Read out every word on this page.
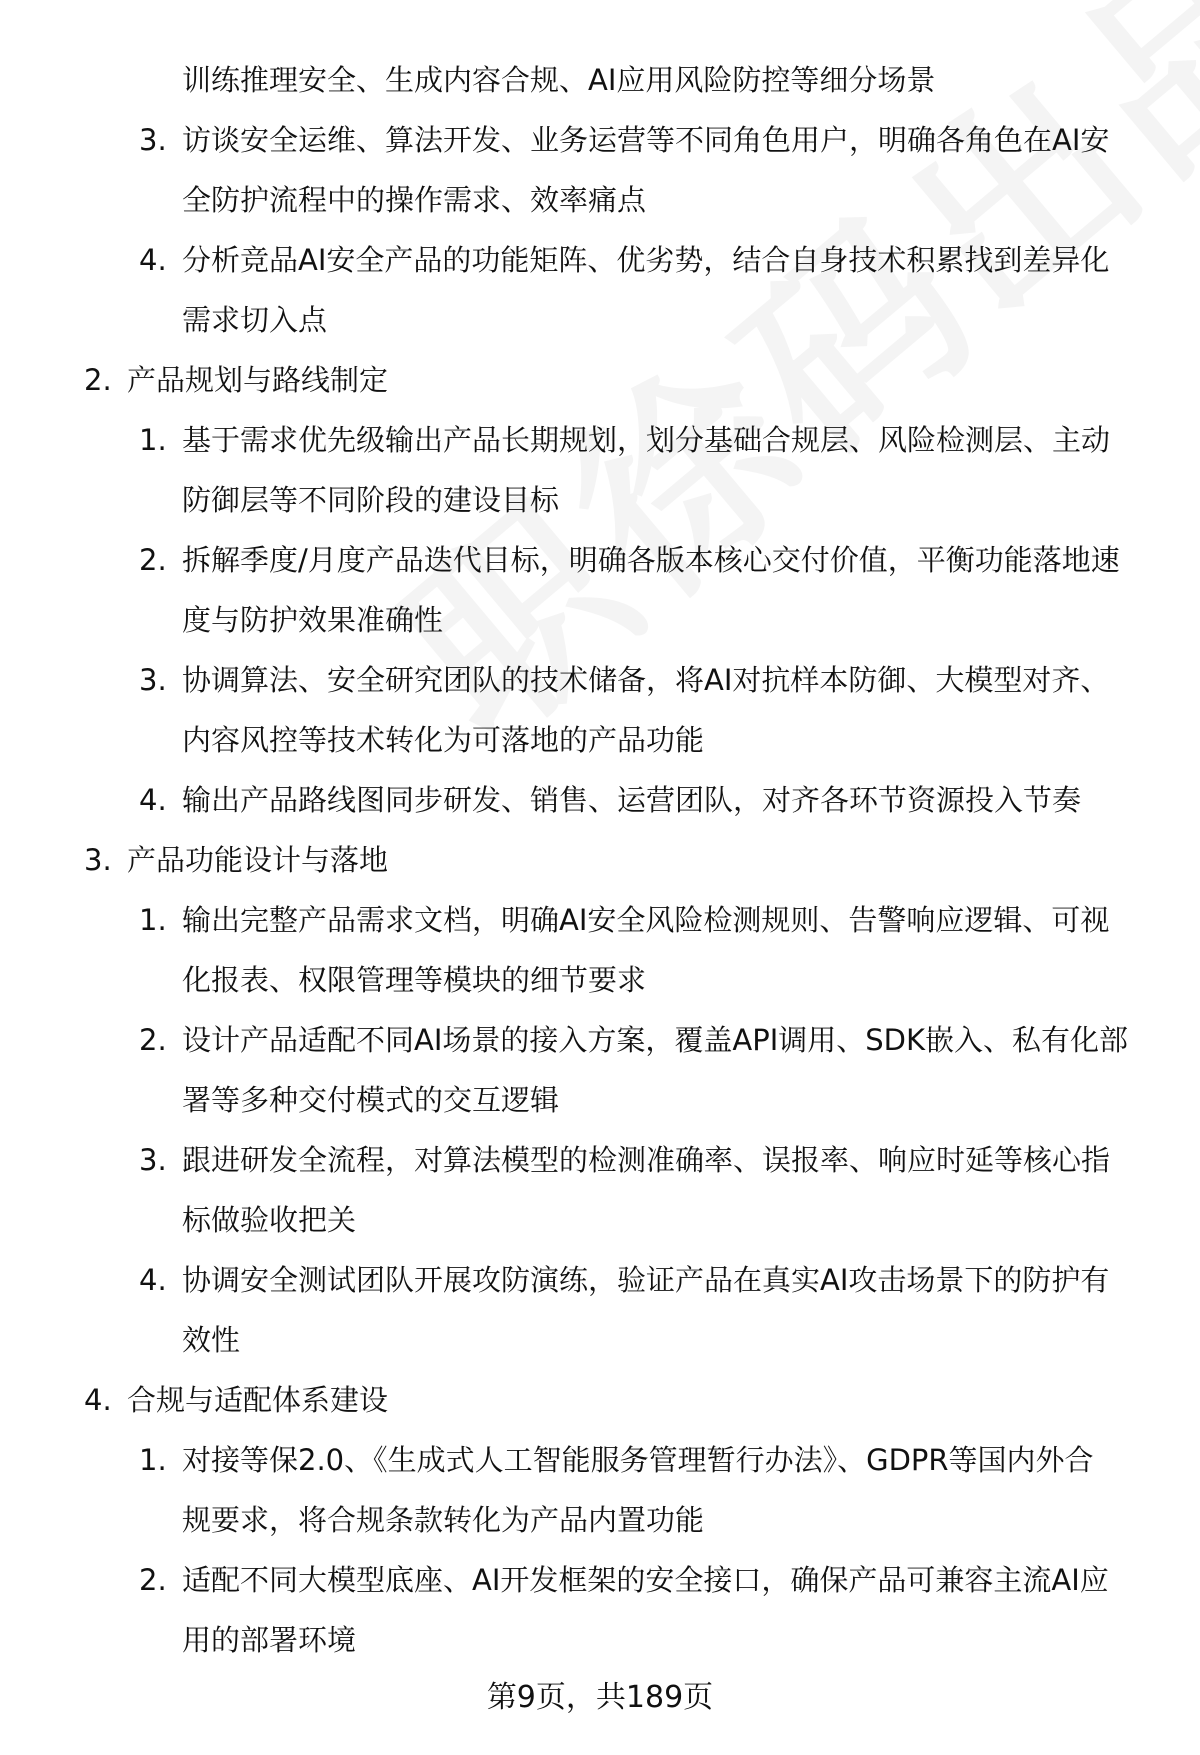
训练推理安全、生成内容合规、AI应用风险防控等细分场景
3. 访谈安全运维、算法开发、业务运营等不同角色用户，明确各角色在AI安
全防护流程中的操作需求、效率痛点
4. 分析竞品AI安全产品的功能矩阵、优劣势，结合自身技术积累找到差异化
需求切入点
2. 产品规划与路线制定
1. 基于需求优先级输出产品长期规划，划分基础合规层、风险检测层、主动
防御层等不同阶段的建设目标
2. 拆解季度/月度产品迭代目标，明确各版本核心交付价值，平衡功能落地速
度与防护效果准确性
3. 协调算法、安全研究团队的技术储备，将AI对抗样本防御、大模型对齐、
内容风控等技术转化为可落地的产品功能
4. 输出产品路线图同步研发、销售、运营团队，对齐各环节资源投入节奏
3. 产品功能设计与落地
1. 输出完整产品需求文档，明确AI安全风险检测规则、告警响应逻辑、可视
化报表、权限管理等模块的细节要求
2. 设计产品适配不同AI场景的接入方案，覆盖API调用、SDK嵌入、私有化部
署等多种交付模式的交互逻辑
3. 跟进研发全流程，对算法模型的检测准确率、误报率、响应时延等核心指
标做验收把关
4. 协调安全测试团队开展攻防演练，验证产品在真实AI攻击场景下的防护有
效性
4. 合规与适配体系建设
1. 对接等保2.0、《生成式人工智能服务管理暂行办法》、GDPR等国内外合
规要求，将合规条款转化为产品内置功能
2. 适配不同大模型底座、AI开发框架的安全接口，确保产品可兼容主流AI应
用的部署环境
第9页，共189页
